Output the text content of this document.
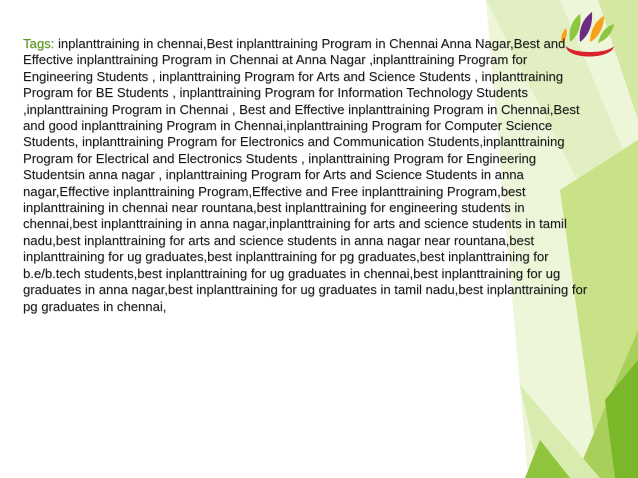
Tags: inplanttraining in chennai,Best inplanttraining Program in Chennai Anna Nagar,Best and Effective inplanttraining Program in Chennai at Anna Nagar ,inplanttraining Program for Engineering Students , inplanttraining Program for Arts and Science Students , inplanttraining Program for BE Students , inplanttraining Program for Information Technology Students ,inplanttraining Program in Chennai , Best and Effective inplanttraining Program in Chennai,Best and good inplanttraining Program in Chennai,inplanttraining Program for Computer Science Students, inplanttraining Program for Electronics and Communication Students,inplanttraining Program for Electrical and Electronics Students , inplanttraining Program for Engineering Studentsin anna nagar , inplanttraining Program for Arts and Science Students in anna nagar,Effective inplanttraining Program,Effective and Free inplanttraining Program,best inplanttraining in chennai near rountana,best inplanttraining for engineering students in chennai,best inplanttraining in anna nagar,inplanttraining for arts and science students in tamil nadu,best inplanttraining for arts and science students in anna nagar near rountana,best inplanttraining for ug graduates,best inplanttraining for pg graduates,best inplanttraining for b.e/b.tech students,best inplanttraining for ug graduates in chennai,best inplanttraining for ug graduates in anna nagar,best inplanttraining for ug graduates in tamil nadu,best inplanttraining for pg graduates in chennai,
